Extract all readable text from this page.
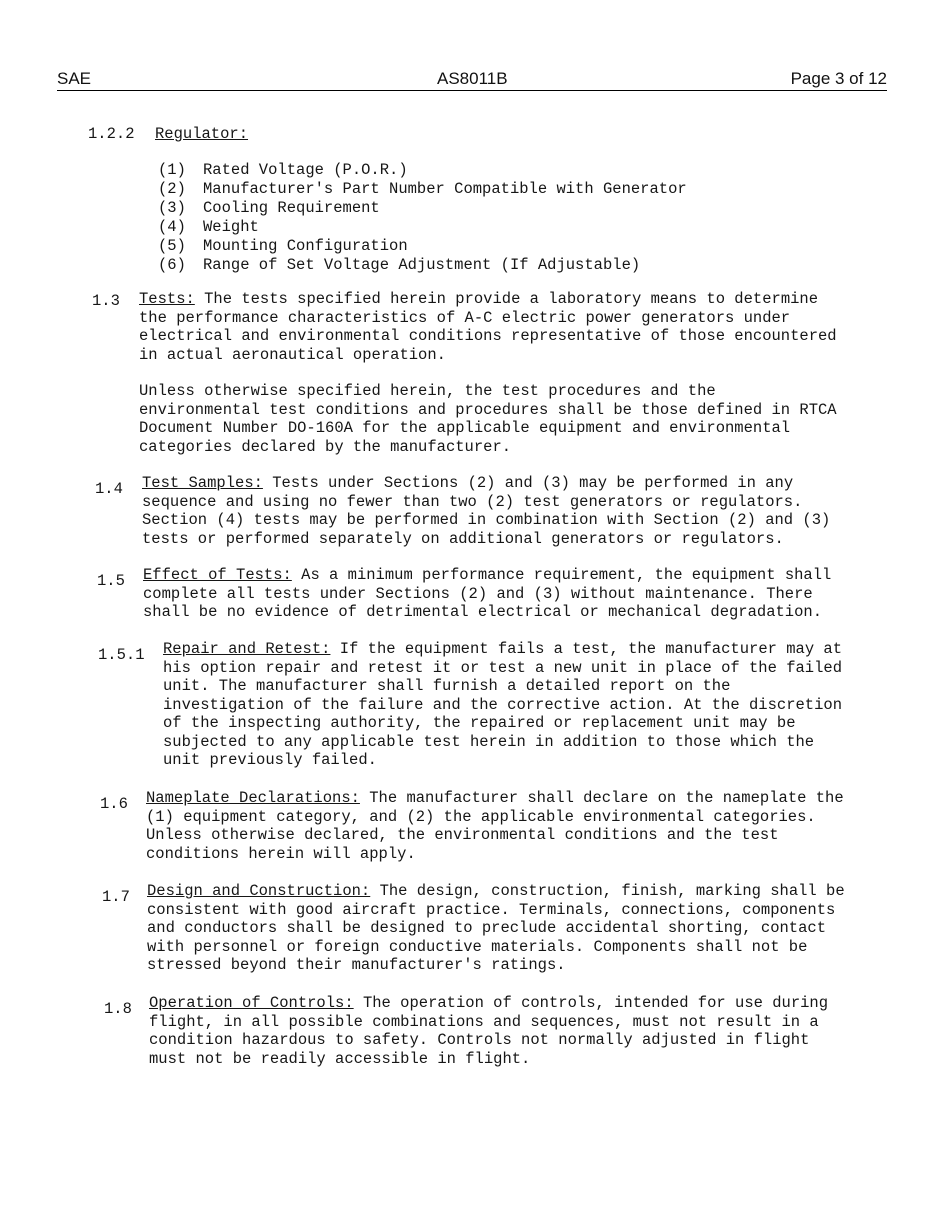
SAE	AS8011B	Page 3 of 12
1.2.2 Regulator:
(1) Rated Voltage (P.O.R.)
(2) Manufacturer's Part Number Compatible with Generator
(3) Cooling Requirement
(4) Weight
(5) Mounting Configuration
(6) Range of Set Voltage Adjustment (If Adjustable)
1.3 Tests: The tests specified herein provide a laboratory means to determine the performance characteristics of A-C electric power generators under electrical and environmental conditions representative of those encountered in actual aeronautical operation.

Unless otherwise specified herein, the test procedures and the environmental test conditions and procedures shall be those defined in RTCA Document Number DO-160A for the applicable equipment and environmental categories declared by the manufacturer.

1.4 Test Samples: Tests under Sections (2) and (3) may be performed in any sequence and using no fewer than two (2) test generators or regulators. Section (4) tests may be performed in combination with Section (2) and (3) tests or performed separately on additional generators or regulators.

1.5 Effect of Tests: As a minimum performance requirement, the equipment shall complete all tests under Sections (2) and (3) without maintenance. There shall be no evidence of detrimental electrical or mechanical degradation.

1.5.1 Repair and Retest: If the equipment fails a test, the manufacturer may at his option repair and retest it or test a new unit in place of the failed unit. The manufacturer shall furnish a detailed report on the investigation of the failure and the corrective action. At the discretion of the inspecting authority, the repaired or replacement unit may be subjected to any applicable test herein in addition to those which the unit previously failed.

1.6 Nameplate Declarations: The manufacturer shall declare on the nameplate the (1) equipment category, and (2) the applicable environmental categories. Unless otherwise declared, the environmental conditions and the test conditions herein will apply.

1.7 Design and Construction: The design, construction, finish, marking shall be consistent with good aircraft practice. Terminals, connections, components and conductors shall be designed to preclude accidental shorting, contact with personnel or foreign conductive materials. Components shall not be stressed beyond their manufacturer's ratings.

1.8 Operation of Controls: The operation of controls, intended for use during flight, in all possible combinations and sequences, must not result in a condition hazardous to safety. Controls not normally adjusted in flight must not be readily accessible in flight.
